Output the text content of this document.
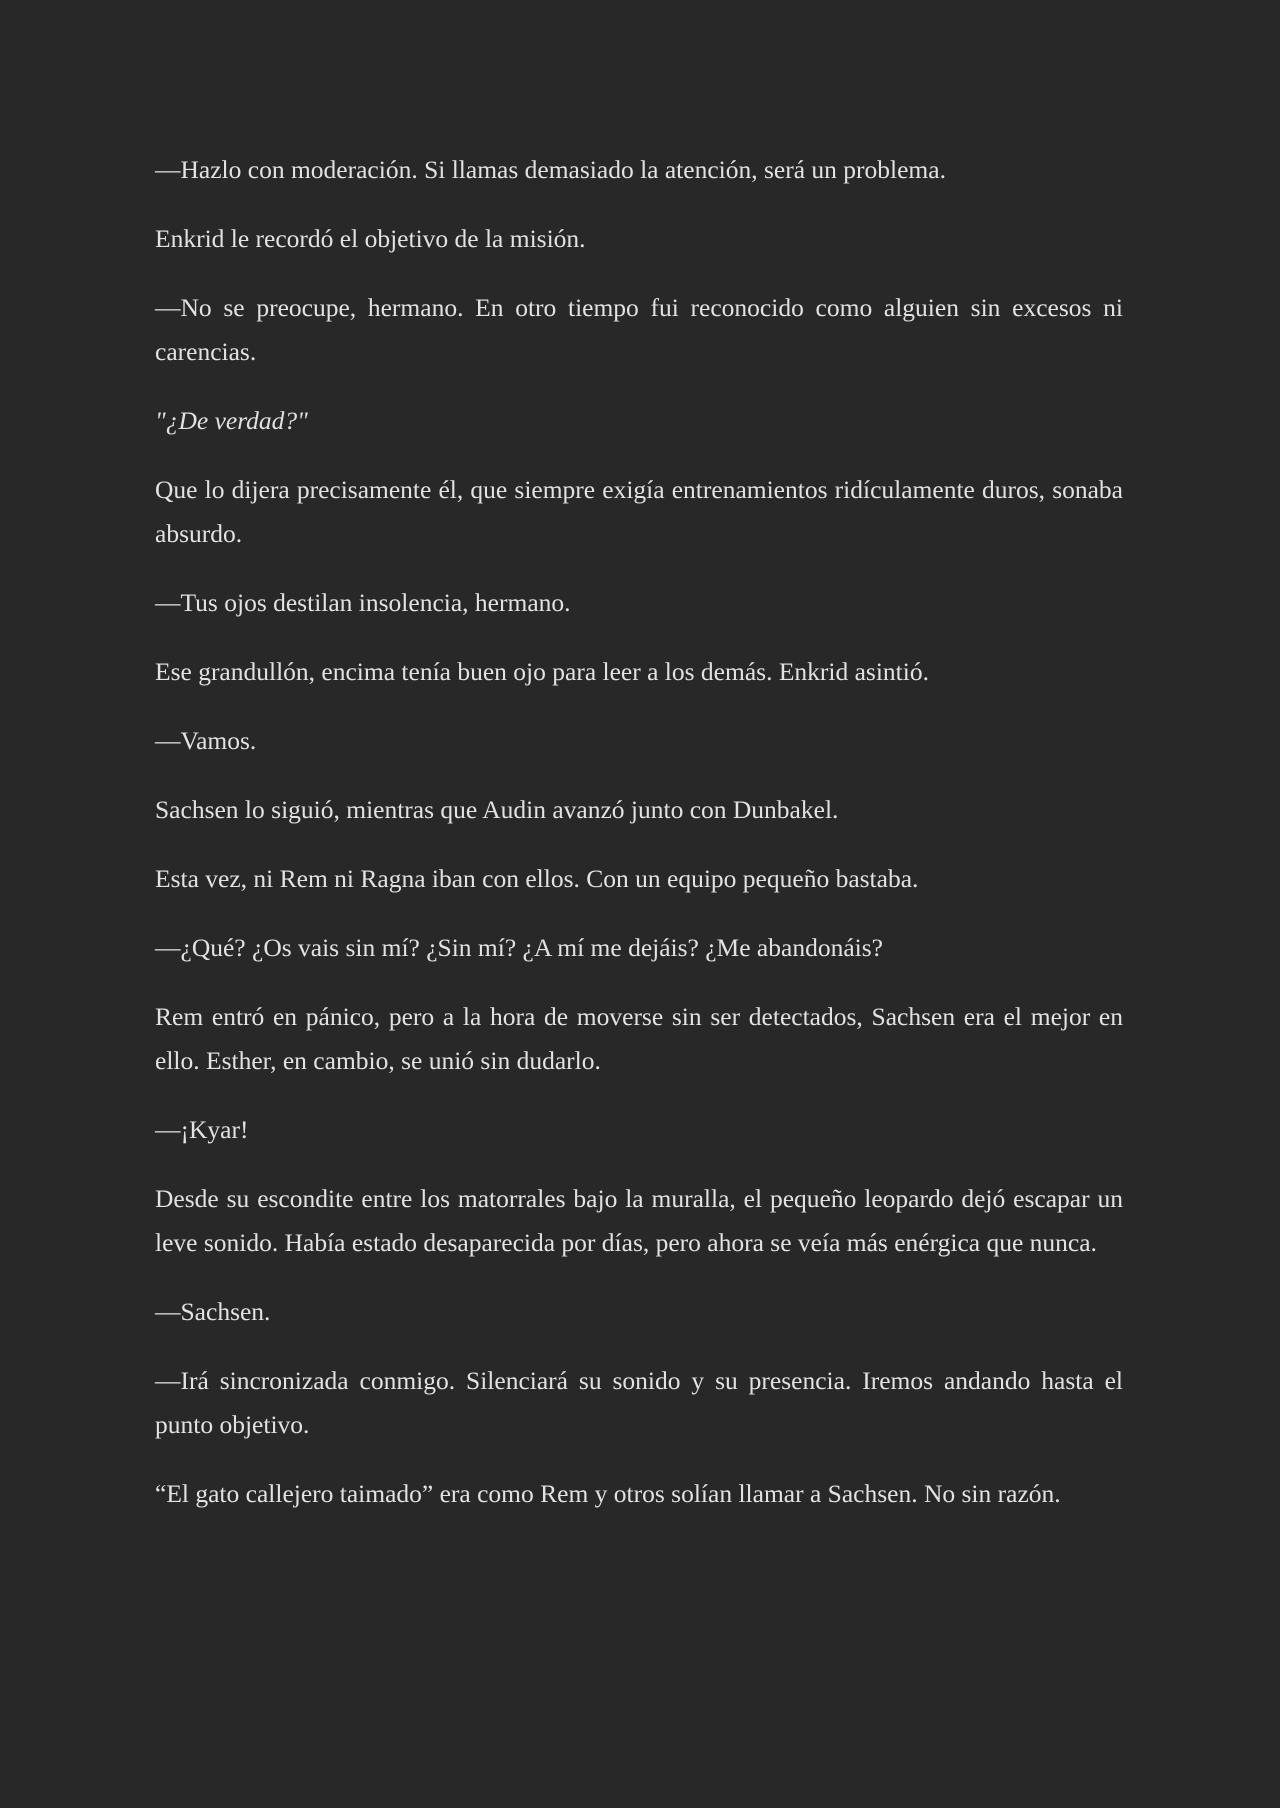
—Hazlo con moderación. Si llamas demasiado la atención, será un problema.

Enkrid le recordó el objetivo de la misión.

—No se preocupe, hermano. En otro tiempo fui reconocido como alguien sin excesos ni carencias.

"¿De verdad?"

Que lo dijera precisamente él, que siempre exigía entrenamientos ridículamente duros, sonaba absurdo.

—Tus ojos destilan insolencia, hermano.

Ese grandullón, encima tenía buen ojo para leer a los demás. Enkrid asintió.

—Vamos.

Sachsen lo siguió, mientras que Audin avanzó junto con Dunbakel.

Esta vez, ni Rem ni Ragna iban con ellos. Con un equipo pequeño bastaba.

—¿Qué? ¿Os vais sin mí? ¿Sin mí? ¿A mí me dejáis? ¿Me abandonáis?

Rem entró en pánico, pero a la hora de moverse sin ser detectados, Sachsen era el mejor en ello. Esther, en cambio, se unió sin dudarlo.

—¡Kyar!

Desde su escondite entre los matorrales bajo la muralla, el pequeño leopardo dejó escapar un leve sonido. Había estado desaparecida por días, pero ahora se veía más enérgica que nunca.

—Sachsen.

—Irá sincronizada conmigo. Silenciará su sonido y su presencia. Iremos andando hasta el punto objetivo.

“El gato callejero taimado” era como Rem y otros solían llamar a Sachsen. No sin razón.
